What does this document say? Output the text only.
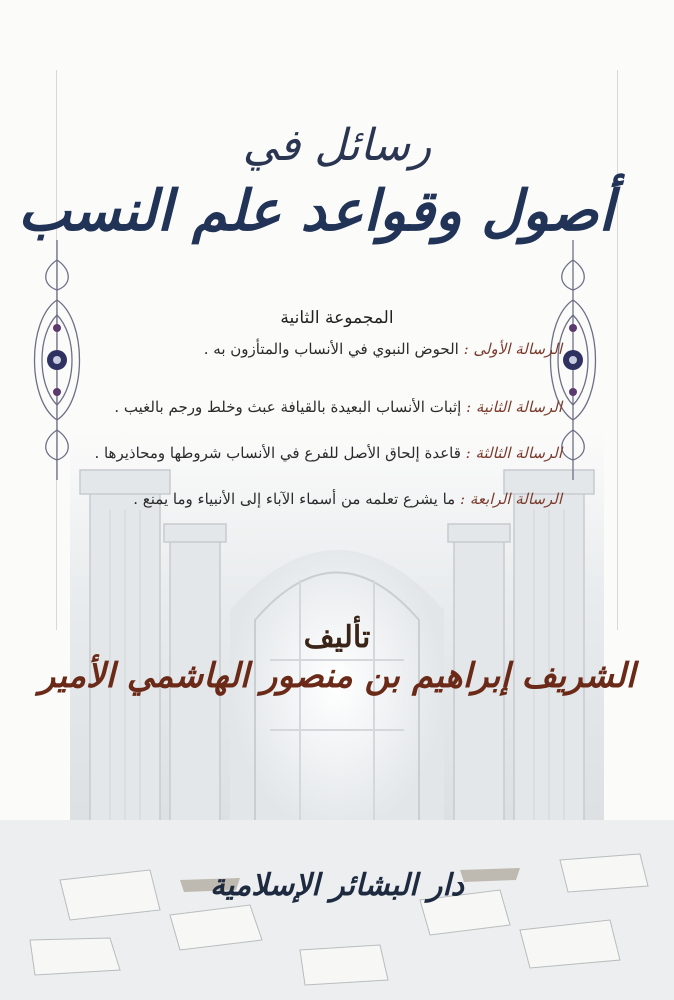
رسائل في
أصول وقواعد علم النسب
المجموعة الثانية
الرسالة الأولى : الحوض النبوي في الأنساب والمتأزون به .
الرسالة الثانية : إثبات الأنساب البعيدة بالقيافة عبث وخلط ورجم بالغيب .
الرسالة الثالثة : قاعدة إلحاق الأصل للفرع في الأنساب شروطها ومحاذيرها .
الرسالة الرابعة : ما يشرع تعلمه من أسماء الآباء إلى الأنبياء وما يمنع .
تأليف
الشريف إبراهيم بن منصور الهاشمي الأمير
دار البشائر الإسلامية
